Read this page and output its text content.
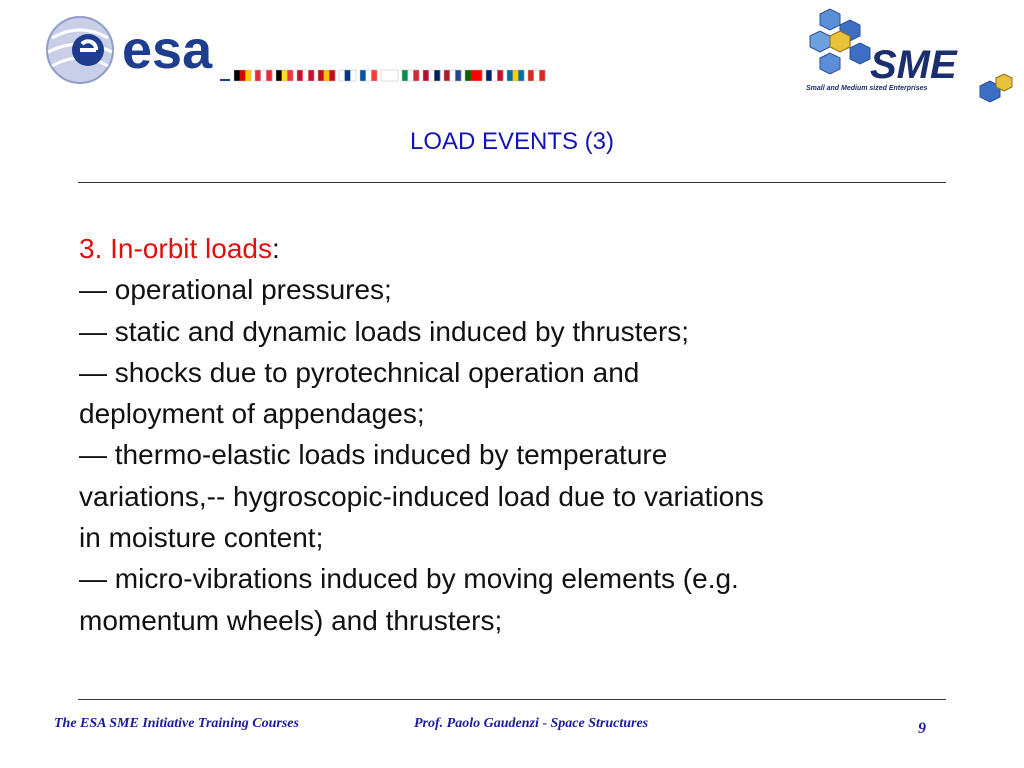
esa	SME
Small and Medium sized Enterprises
LOAD EVENTS (3)
3. In-orbit loads:
— operational pressures;
— static and dynamic loads induced by thrusters;
— shocks due to pyrotechnical operation and
deployment of appendages;
— thermo-elastic loads induced by temperature
variations,-- hygroscopic-induced load due to variations
in moisture content;
— micro-vibrations induced by moving elements (e.g.
momentum wheels) and thrusters;
The ESA SME Initiative Training Courses	Prof. Paolo Gaudenzi - Space Structures	9
